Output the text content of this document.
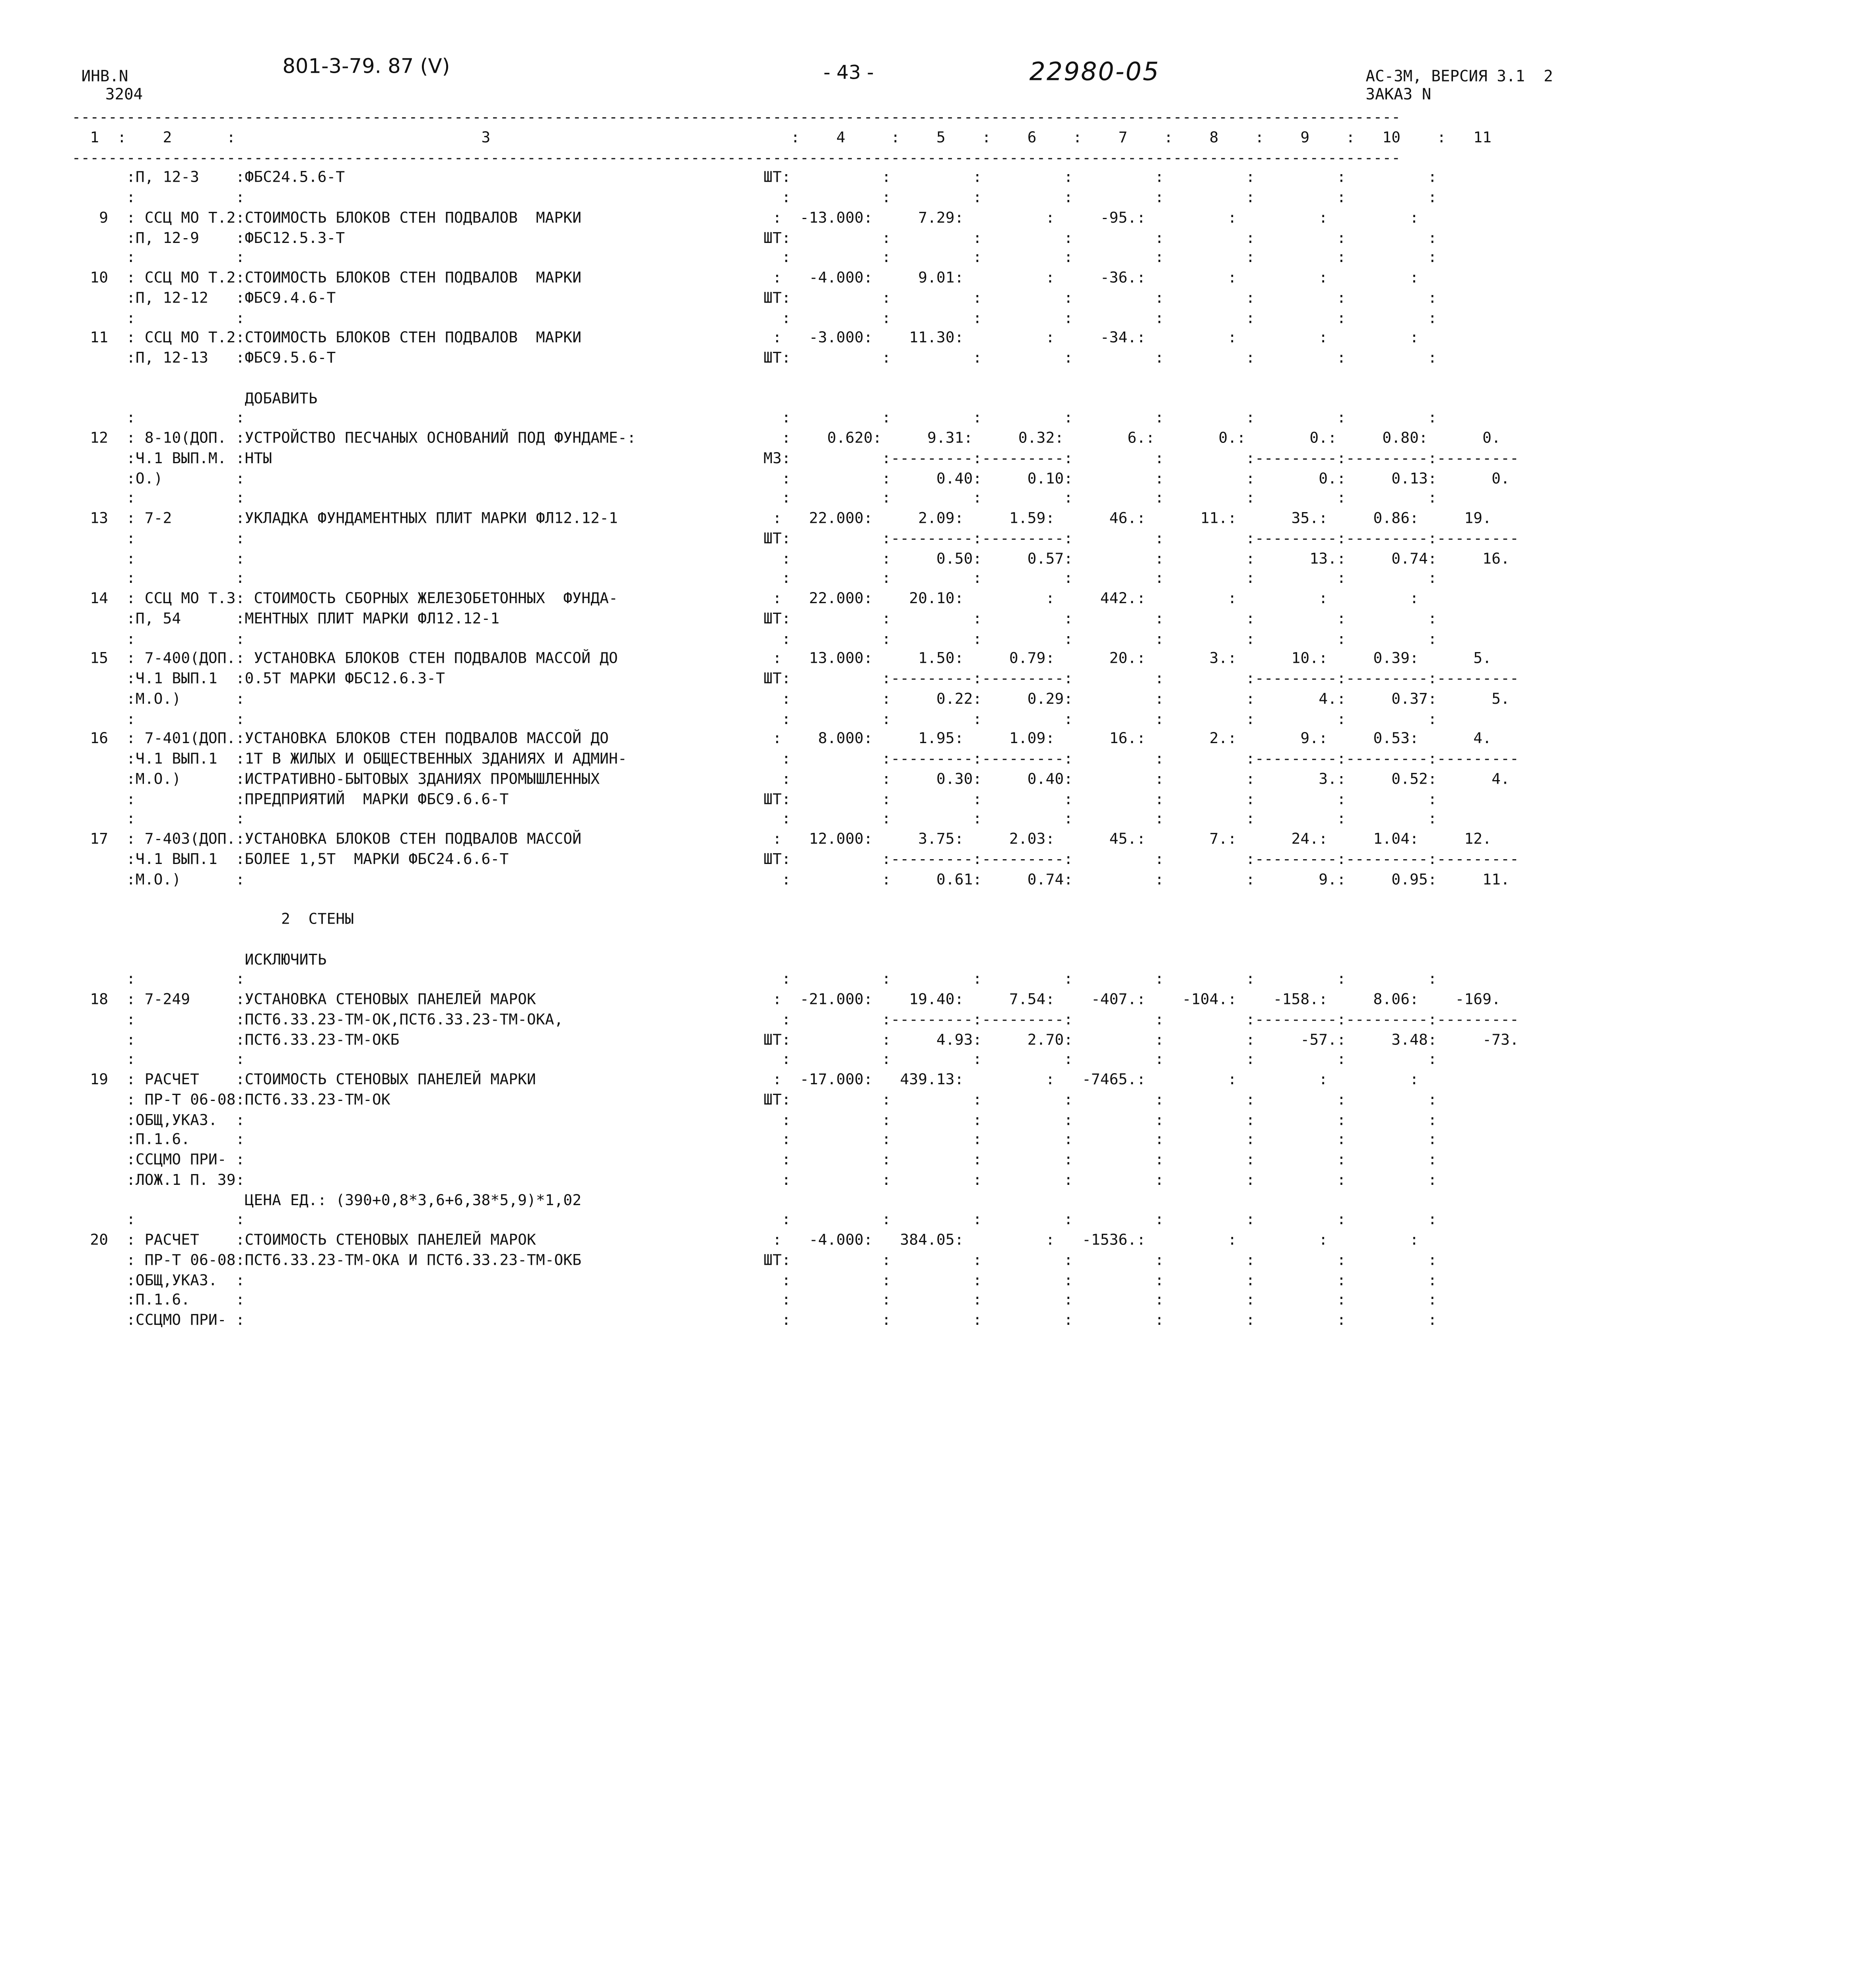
ИНВ.N
3204
801-3-79. 87 (V)	- 43 -	22980-05	АС-3М, ВЕРСИЯ 3.1  2
ЗАКАЗ N
--------------------------------------------------------------------------------------------------------------------------------------------------
1  :    2      :                           3                                 :    4     :    5    :    6    :    7    :    8    :    9    :   10    :   11
--------------------------------------------------------------------------------------------------------------------------------------------------
:П, 12-3    :ФБС24.5.6-Т                                              ШТ:          :         :         :         :         :         :         :
:           :                                                           :          :         :         :         :         :         :         :
9  : ССЦ МО Т.2:СТОИМОСТЬ БЛОКОВ СТЕН ПОДВАЛОВ  МАРКИ                     :  -13.000:     7.29:         :     -95.:         :         :         :
:П, 12-9    :ФБС12.5.3-Т                                              ШТ:          :         :         :         :         :         :         :
:           :                                                           :          :         :         :         :         :         :         :
10  : ССЦ МО Т.2:СТОИМОСТЬ БЛОКОВ СТЕН ПОДВАЛОВ  МАРКИ                     :   -4.000:     9.01:         :     -36.:         :         :         :
:П, 12-12   :ФБС9.4.6-Т                                               ШТ:          :         :         :         :         :         :         :
:           :                                                           :          :         :         :         :         :         :         :
11  : ССЦ МО Т.2:СТОИМОСТЬ БЛОКОВ СТЕН ПОДВАЛОВ  МАРКИ                     :   -3.000:    11.30:         :     -34.:         :         :         :
:П, 12-13   :ФБС9.5.6-Т                                               ШТ:          :         :         :         :         :         :         :
ДОБАВИТЬ
:           :                                                           :          :         :         :         :         :         :         :
12  : 8-10(ДОП. :УСТРОЙСТВО ПЕСЧАНЫХ ОСНОВАНИЙ ПОД ФУНДАМЕ-:                :    0.620:     9.31:     0.32:       6.:       0.:       0.:     0.80:      0.
:Ч.1 ВЫП.М. :НТЫ                                                      М3:          :---------:---------:         :         :---------:---------:---------
:О.)        :                                                           :          :     0.40:     0.10:         :         :       0.:     0.13:      0.
:           :                                                           :          :         :         :         :         :         :         :
13  : 7-2       :УКЛАДКА ФУНДАМЕНТНЫХ ПЛИТ МАРКИ ФЛ12.12-1                 :   22.000:     2.09:     1.59:      46.:      11.:      35.:     0.86:     19.
:           :                                                         ШТ:          :---------:---------:         :         :---------:---------:---------
:           :                                                           :          :     0.50:     0.57:         :         :      13.:     0.74:     16.
:           :                                                           :          :         :         :         :         :         :         :
14  : ССЦ МО Т.3: СТОИМОСТЬ СБОРНЫХ ЖЕЛЕЗОБЕТОННЫХ  ФУНДА-                 :   22.000:    20.10:         :     442.:         :         :         :
:П, 54      :МЕНТНЫХ ПЛИТ МАРКИ ФЛ12.12-1                             ШТ:          :         :         :         :         :         :         :
:           :                                                           :          :         :         :         :         :         :         :
15  : 7-400(ДОП.: УСТАНОВКА БЛОКОВ СТЕН ПОДВАЛОВ МАССОЙ ДО                 :   13.000:     1.50:     0.79:      20.:       3.:      10.:     0.39:      5.
:Ч.1 ВЫП.1  :0.5Т МАРКИ ФБС12.6.3-Т                                   ШТ:          :---------:---------:         :         :---------:---------:---------
:М.О.)      :                                                           :          :     0.22:     0.29:         :         :       4.:     0.37:      5.
:           :                                                           :          :         :         :         :         :         :         :
16  : 7-401(ДОП.:УСТАНОВКА БЛОКОВ СТЕН ПОДВАЛОВ МАССОЙ ДО                  :    8.000:     1.95:     1.09:      16.:       2.:       9.:     0.53:      4.
:Ч.1 ВЫП.1  :1Т В ЖИЛЫХ И ОБЩЕСТВЕННЫХ ЗДАНИЯХ И АДМИН-                 :          :---------:---------:         :         :---------:---------:---------
:М.О.)      :ИСТРАТИВНО-БЫТОВЫХ ЗДАНИЯХ ПРОМЫШЛЕННЫХ                    :          :     0.30:     0.40:         :         :       3.:     0.52:      4.
:           :ПРЕДПРИЯТИЙ  МАРКИ ФБС9.6.6-Т                            ШТ:          :         :         :         :         :         :         :
:           :                                                           :          :         :         :         :         :         :         :
17  : 7-403(ДОП.:УСТАНОВКА БЛОКОВ СТЕН ПОДВАЛОВ МАССОЙ                     :   12.000:     3.75:     2.03:      45.:       7.:      24.:     1.04:     12.
:Ч.1 ВЫП.1  :БОЛЕЕ 1,5Т  МАРКИ ФБС24.6.6-Т                            ШТ:          :---------:---------:         :         :---------:---------:---------
:М.О.)      :                                                           :          :     0.61:     0.74:         :         :       9.:     0.95:     11.
2  СТЕНЫ
ИСКЛЮЧИТЬ
:           :                                                           :          :         :         :         :         :         :         :
18  : 7-249     :УСТАНОВКА СТЕНОВЫХ ПАНЕЛЕЙ МАРОК                          :  -21.000:    19.40:     7.54:    -407.:    -104.:    -158.:     8.06:    -169.
:           :ПСТ6.33.23-ТМ-ОК,ПСТ6.33.23-ТМ-ОКА,                        :          :---------:---------:         :         :---------:---------:---------
:           :ПСТ6.33.23-ТМ-ОКБ                                        ШТ:          :     4.93:     2.70:         :         :     -57.:     3.48:     -73.
:           :                                                           :          :         :         :         :         :         :         :
19  : РАСЧЕТ    :СТОИМОСТЬ СТЕНОВЫХ ПАНЕЛЕЙ МАРКИ                          :  -17.000:   439.13:         :   -7465.:         :         :         :
: ПР-Т 06-08:ПСТ6.33.23-ТМ-ОК                                         ШТ:          :         :         :         :         :         :         :
:ОБЩ,УКАЗ.  :                                                           :          :         :         :         :         :         :         :
:П.1.6.     :                                                           :          :         :         :         :         :         :         :
:ССЦМО ПРИ- :                                                           :          :         :         :         :         :         :         :
:ЛОЖ.1 П. 39:                                                           :          :         :         :         :         :         :         :
ЦЕНА ЕД.: (390+0,8*3,6+6,38*5,9)*1,02
:           :                                                           :          :         :         :         :         :         :         :
20  : РАСЧЕТ    :СТОИМОСТЬ СТЕНОВЫХ ПАНЕЛЕЙ МАРОК                          :   -4.000:   384.05:         :   -1536.:         :         :         :
: ПР-Т 06-08:ПСТ6.33.23-ТМ-ОКА И ПСТ6.33.23-ТМ-ОКБ                    ШТ:          :         :         :         :         :         :         :
:ОБЩ,УКАЗ.  :                                                           :          :         :         :         :         :         :         :
:П.1.6.     :                                                           :          :         :         :         :         :         :         :
:ССЦМО ПРИ- :                                                           :          :         :         :         :         :         :         :
